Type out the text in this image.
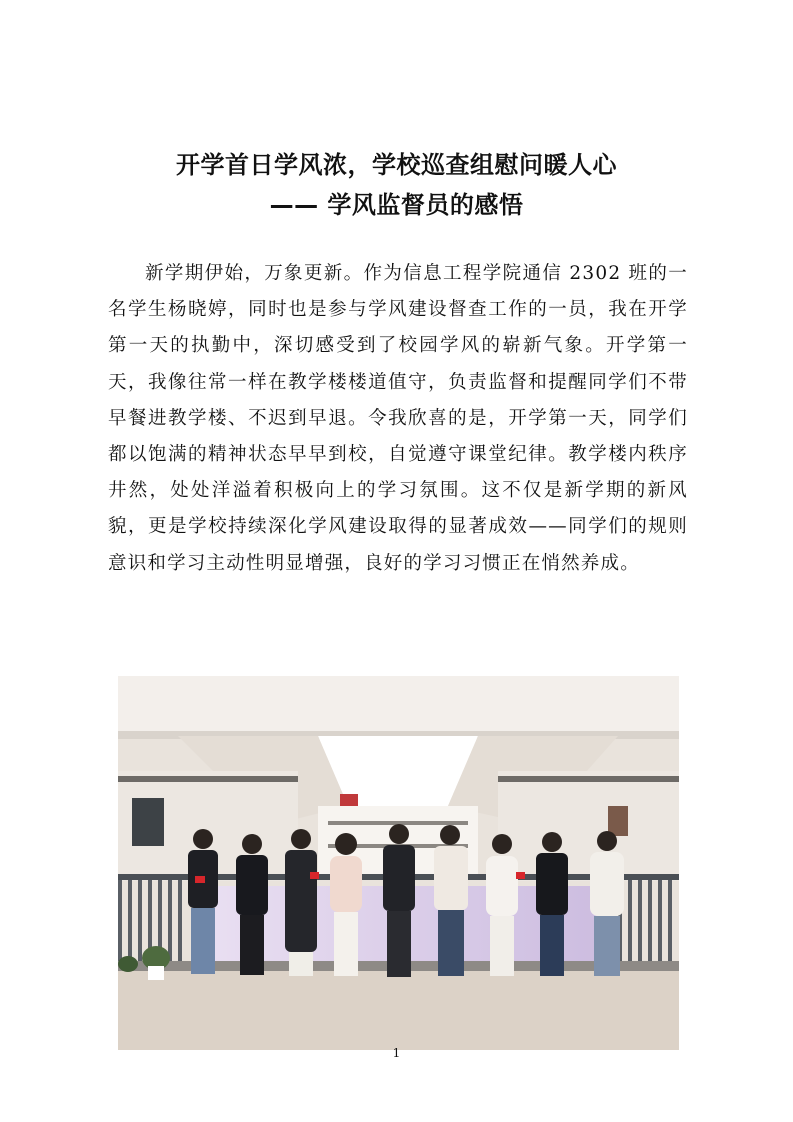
开学首日学风浓，学校巡查组慰问暖人心
—— 学风监督员的感悟

新学期伊始，万象更新。作为信息工程学院通信 2302 班的一名学生杨晓婷，同时也是参与学风建设督查工作的一员，我在开学第一天的执勤中，深切感受到了校园学风的崭新气象。开学第一天，我像往常一样在教学楼楼道值守，负责监督和提醒同学们不带早餐进教学楼、不迟到早退。令我欣喜的是，开学第一天，同学们都以饱满的精神状态早早到校，自觉遵守课堂纪律。教学楼内秩序井然，处处洋溢着积极向上的学习氛围。这不仅是新学期的新风貌，更是学校持续深化学风建设取得的显著成效——同学们的规则意识和学习主动性明显增强，良好的学习习惯正在悄然养成。

1
